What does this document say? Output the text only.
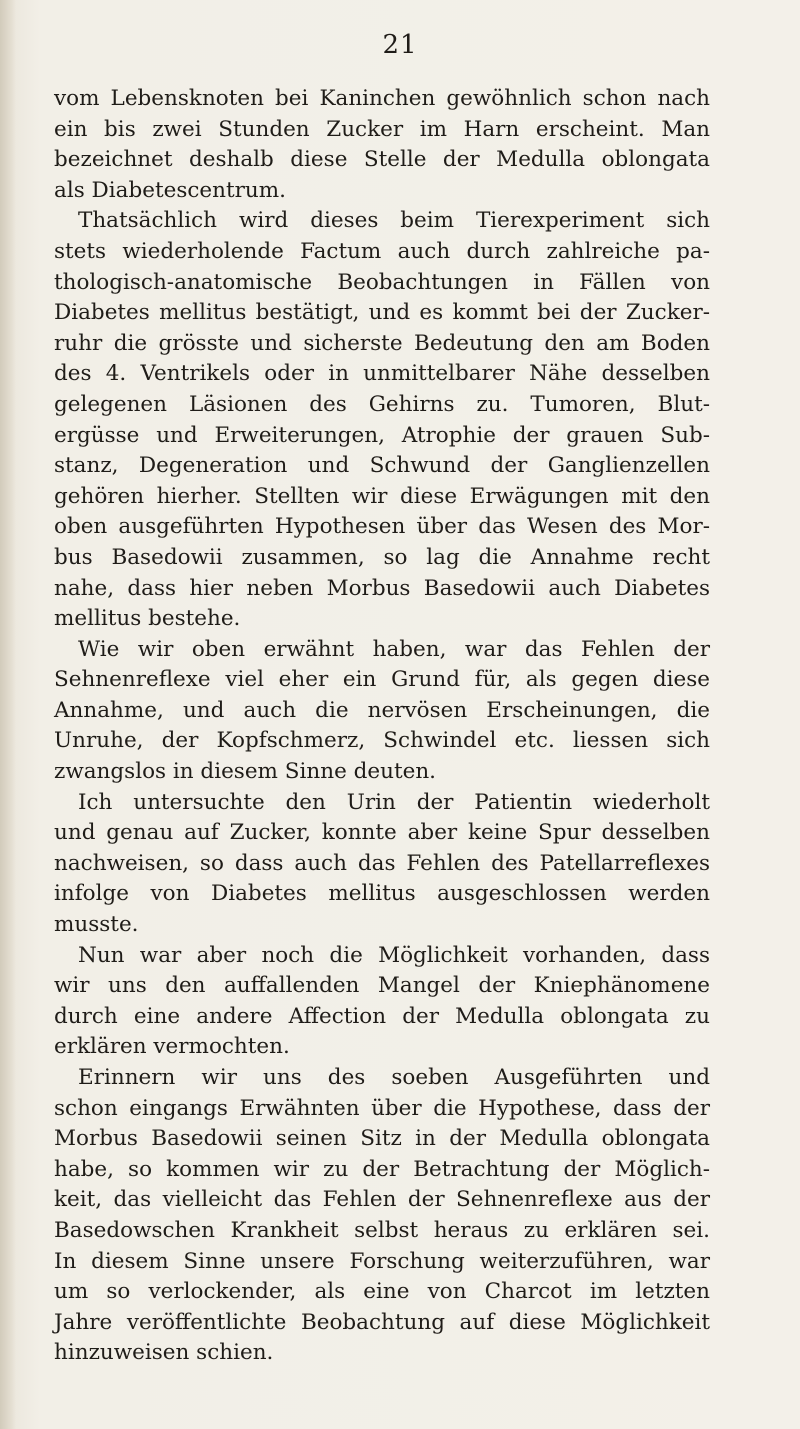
21
vom Lebensknoten bei Kaninchen gewöhnlich schon nach
ein bis zwei Stunden Zucker im Harn erscheint. Man
bezeichnet deshalb diese Stelle der Medulla oblongata
als Diabetescentrum.
Thatsächlich wird dieses beim Tierexperiment sich
stets wiederholende Factum auch durch zahlreiche pa-
thologisch-anatomische Beobachtungen in Fällen von
Diabetes mellitus bestätigt, und es kommt bei der Zucker-
ruhr die grösste und sicherste Bedeutung den am Boden
des 4. Ventrikels oder in unmittelbarer Nähe desselben
gelegenen Läsionen des Gehirns zu. Tumoren, Blut-
ergüsse und Erweiterungen, Atrophie der grauen Sub-
stanz, Degeneration und Schwund der Ganglienzellen
gehören hierher. Stellten wir diese Erwägungen mit den
oben ausgeführten Hypothesen über das Wesen des Mor-
bus Basedowii zusammen, so lag die Annahme recht
nahe, dass hier neben Morbus Basedowii auch Diabetes
mellitus bestehe.
Wie wir oben erwähnt haben, war das Fehlen der
Sehnenreflexe viel eher ein Grund für, als gegen diese
Annahme, und auch die nervösen Erscheinungen, die
Unruhe, der Kopfschmerz, Schwindel etc. liessen sich
zwangslos in diesem Sinne deuten.
Ich untersuchte den Urin der Patientin wiederholt
und genau auf Zucker, konnte aber keine Spur desselben
nachweisen, so dass auch das Fehlen des Patellarreflexes
infolge von Diabetes mellitus ausgeschlossen werden
musste.
Nun war aber noch die Möglichkeit vorhanden, dass
wir uns den auffallenden Mangel der Kniephänomene
durch eine andere Affection der Medulla oblongata zu
erklären vermochten.
Erinnern wir uns des soeben Ausgeführten und
schon eingangs Erwähnten über die Hypothese, dass der
Morbus Basedowii seinen Sitz in der Medulla oblongata
habe, so kommen wir zu der Betrachtung der Möglich-
keit, das vielleicht das Fehlen der Sehnenreflexe aus der
Basedowschen Krankheit selbst heraus zu erklären sei.
In diesem Sinne unsere Forschung weiterzuführen, war
um so verlockender, als eine von Charcot im letzten
Jahre veröffentlichte Beobachtung auf diese Möglichkeit
hinzuweisen schien.
